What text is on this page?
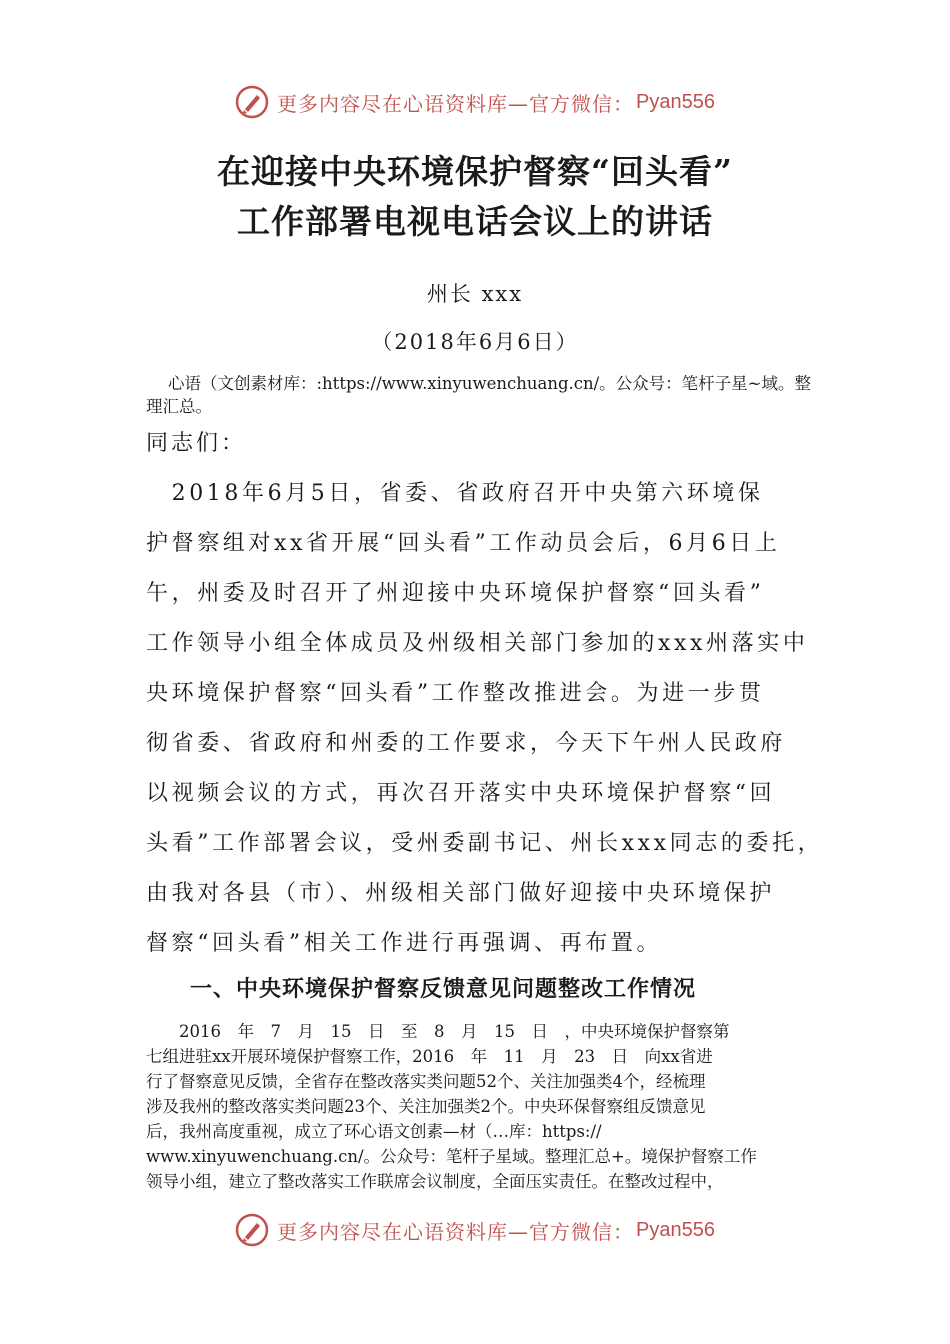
更多内容尽在心语资料库—官方微信： Pyan556
在迎接中央环境保护督察“回头看”
工作部署电视电话会议上的讲话
州长 xxx
（2018年6月6日）
心语（文创素材库：:https://www.xinyuwenchuang.cn/。公众号：笔杆子星~域。整理汇总。
同志们：
　2018年6月5日，省委、省政府召开中央第六环境保
护督察组对xx省开展“回头看”工作动员会后，6月6日上
午，州委及时召开了州迎接中央环境保护督察“回头看”
工作领导小组全体成员及州级相关部门参加的xxx州落实中
央环境保护督察“回头看”工作整改推进会。为进一步贯
彻省委、省政府和州委的工作要求，今天下午州人民政府
以视频会议的方式，再次召开落实中央环境保护督察“回
头看”工作部署会议，受州委副书记、州长xxx同志的委托，
由我对各县（市）、州级相关部门做好迎接中央环境保护
督察“回头看”相关工作进行再强调、再布置。
一、中央环境保护督察反馈意见问题整改工作情况
　　2016　年　7　月　15　日　至　8　月　15　日　，中央环境保护督察第
七组进驻xx开展环境保护督察工作，2016　年　11　月　23　日　向xx省进
行了督察意见反馈，全省存在整改落实类问题52个、关注加强类4个，经梳理
涉及我州的整改落实类问题23个、关注加强类2个。中央环保督察组反馈意见
后，我州高度重视，成立了环心语文创素—材（…库：https://
www.xinyuwenchuang.cn/。公众号：笔杆子星域。整理汇总+。境保护督察工作
领导小组，建立了整改落实工作联席会议制度，全面压实责任。在整改过程中，
更多内容尽在心语资料库—官方微信： Pyan556
